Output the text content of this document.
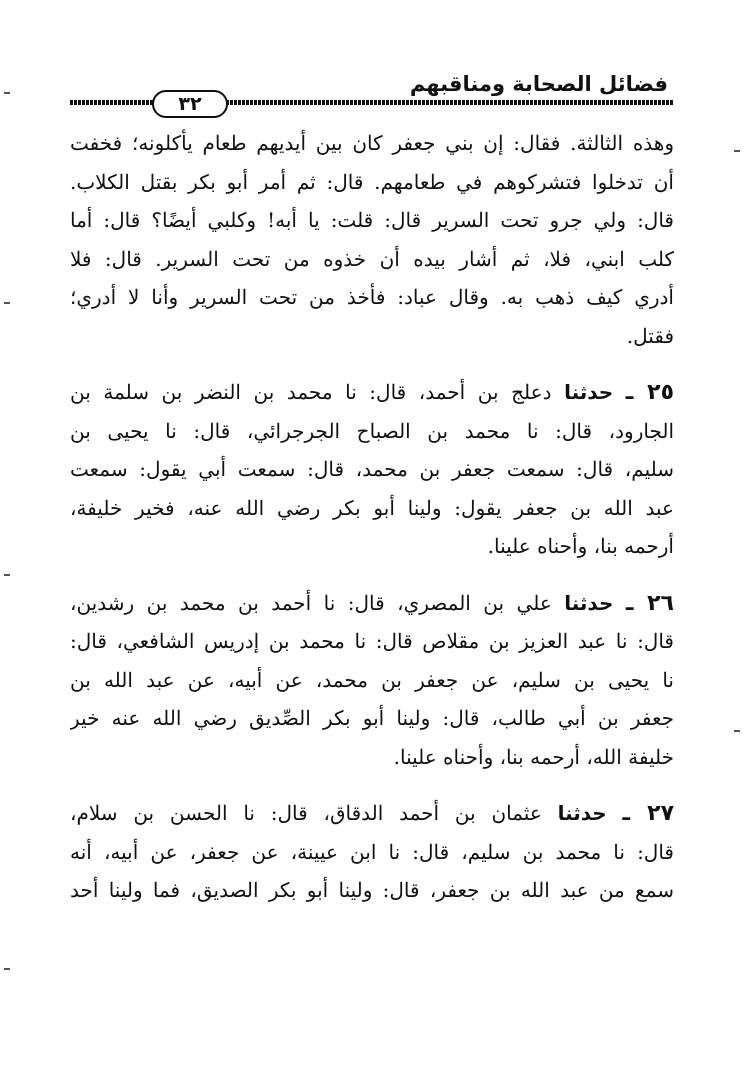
فضائل الصحابة ومناقبهم
٣٢
وهذه الثالثة. فقال: إن بني جعفر كان بين أيديهم طعام يأكلونه؛ فخفت
أن تدخلوا فتشركوهم في طعامهم. قال: ثم أمر أبو بكر بقتل الكلاب.
قال: ولي جرو تحت السرير قال: قلت: يا أبه! وكلبي أيضًا؟ قال: أما
كلب ابني، فلا، ثم أشار بيده أن خذوه من تحت السرير. قال: فلا
أدري كيف ذهب به. وقال عباد: فأخذ من تحت السرير وأنا لا أدري؛
فقتل.
٢٥ ـ حدثنا دعلج بن أحمد، قال: نا محمد بن النضر بن سلمة بن
الجارود، قال: نا محمد بن الصباح الجرجرائي، قال: نا يحيى بن
سليم، قال: سمعت جعفر بن محمد، قال: سمعت أبي يقول: سمعت
عبد الله بن جعفر يقول: ولينا أبو بكر رضي الله عنه، فخير خليفة،
أرحمه بنا، وأحناه علينا.
٢٦ ـ حدثنا علي بن المصري، قال: نا أحمد بن محمد بن رشدين،
قال: نا عبد العزيز بن مقلاص قال: نا محمد بن إدريس الشافعي، قال:
نا يحيى بن سليم، عن جعفر بن محمد، عن أبيه، عن عبد الله بن
جعفر بن أبي طالب، قال: ولينا أبو بكر الصِّديق رضي الله عنه خير
خليفة الله، أرحمه بنا، وأحناه علينا.
٢٧ ـ حدثنا عثمان بن أحمد الدقاق، قال: نا الحسن بن سلام،
قال: نا محمد بن سليم، قال: نا ابن عيينة، عن جعفر، عن أبيه، أنه
سمع من عبد الله بن جعفر، قال: ولينا أبو بكر الصديق، فما ولينا أحد
